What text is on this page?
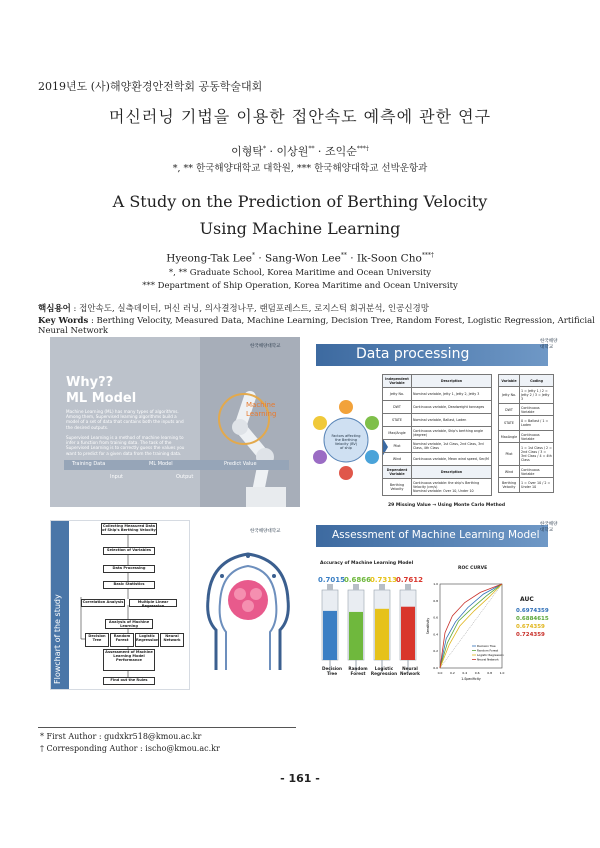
2019년도 (사)해양환경안전학회 공동학술대회
머신러닝 기법을 이용한 접안속도 예측에 관한 연구
이형탁* · 이상원** · 조익순***†
*, ** 한국해양대학교 대학원, *** 한국해양대학교 선박운항과
A Study on the Prediction of Berthing Velocity
Using Machine Learning
Hyeong-Tak Lee* · Sang-Won Lee** · Ik-Soon Cho***†
*, ** Graduate School, Korea Maritime and Ocean University
*** Department of Ship Operation, Korea Maritime and Ocean University
핵심용어 : 접안속도, 실측데이터, 머신 러닝, 의사결정나무, 랜덤포레스트, 로지스틱 회귀분석, 인공신경망
Key Words : Berthing Velocity, Measured Data, Machine Learning, Decision Tree, Random Forest, Logistic Regression, Artificial Neural Network
한국해양대학교
Why??
ML Model	Machine
Learning
Machine Learning (ML) has many types of algorithms. Among them, Supervised learning algorithms build a model of a set of data that contains both the inputs and the desired outputs.
Supervised Learning is a method of machine learning to infer a function from training data. The task of the Supervised Learning is to correctly guess the values you want to predict for a given data from the training data.
Training Data	ML Model	Predict Value
Input	Output
Data processing
한국해양대학교
Factors affecting the Berthing Velocity (BV) of ship
Independent Variable	Description
Jetty No.	Nominal variable, Jetty 1, Jetty 2, Jetty 3
DWT	Continuous variable, Deadweight tonnages
STATE	Nominal variable, Ballast, Laden
Max/Angle	Continuous variable, Ship's berthing angle (degree)
Pilot	Nominal variable, 1st Class, 2nd Class, 3rd Class, 4th Class
Wind	Continuous variable, Mean wind speed, Sec/M
Dependent Variable	Description
Berthing Velocity	Continuous variable: the ship's Berthing Velocity (cm/s)
Nominal variable: Over 10, Under 10
Variable	Coding
Jetty No.	1 = Jetty 1 / 2 = Jetty 2 / 3 = Jetty 3
DWT	Continuous Variable
STATE	0 = Ballast / 1 = Laden
MaxAngle	Continuous Variable
Pilot	1 = 1st Class / 2 = 2nd Class / 3 = 3rd Class / 4 = 4th Class
Wind	Continuous Variable
Berthing Velocity	1 = Over 10 / 2 = Under 10
29 Missing Value → Using Monte Carlo Method
Flowchart of the study
Collecting Measured Data of Ship's Berthing Velocity
Selection of Variables
Data Processing
Basic Statistics
Correlation Analysis	Multiple Linear Regression
Analysis of Machine Learning
Decision Tree
Random Forest
Logistic Regression
Neural Network
Assessment of Machine Learning Model Performance
Find out the Rules
한국해양대학교	Assessment of Machine Learning Model
한국해양대학교
Accuracy of Machine Learning Model
0.7015
0.6866
0.7313
0.7612
Decision Tree
Random Forest
Logistic Regression
Neural Network
ROC CURVE
0.0
0.0
0.2
0.2
0.4
0.4
0.6
0.6
0.8
0.8
1.0
1.0
1-Specificity
Sensitivity
Decision Tree
Random Forest
Logistic Regression
Neural Network
AUC
0.6974359
0.6884615
0.674359
0.724359
* First Author : gudxkr518@kmou.ac.kr
† Corresponding Author : ischo@kmou.ac.kr
- 161 -
